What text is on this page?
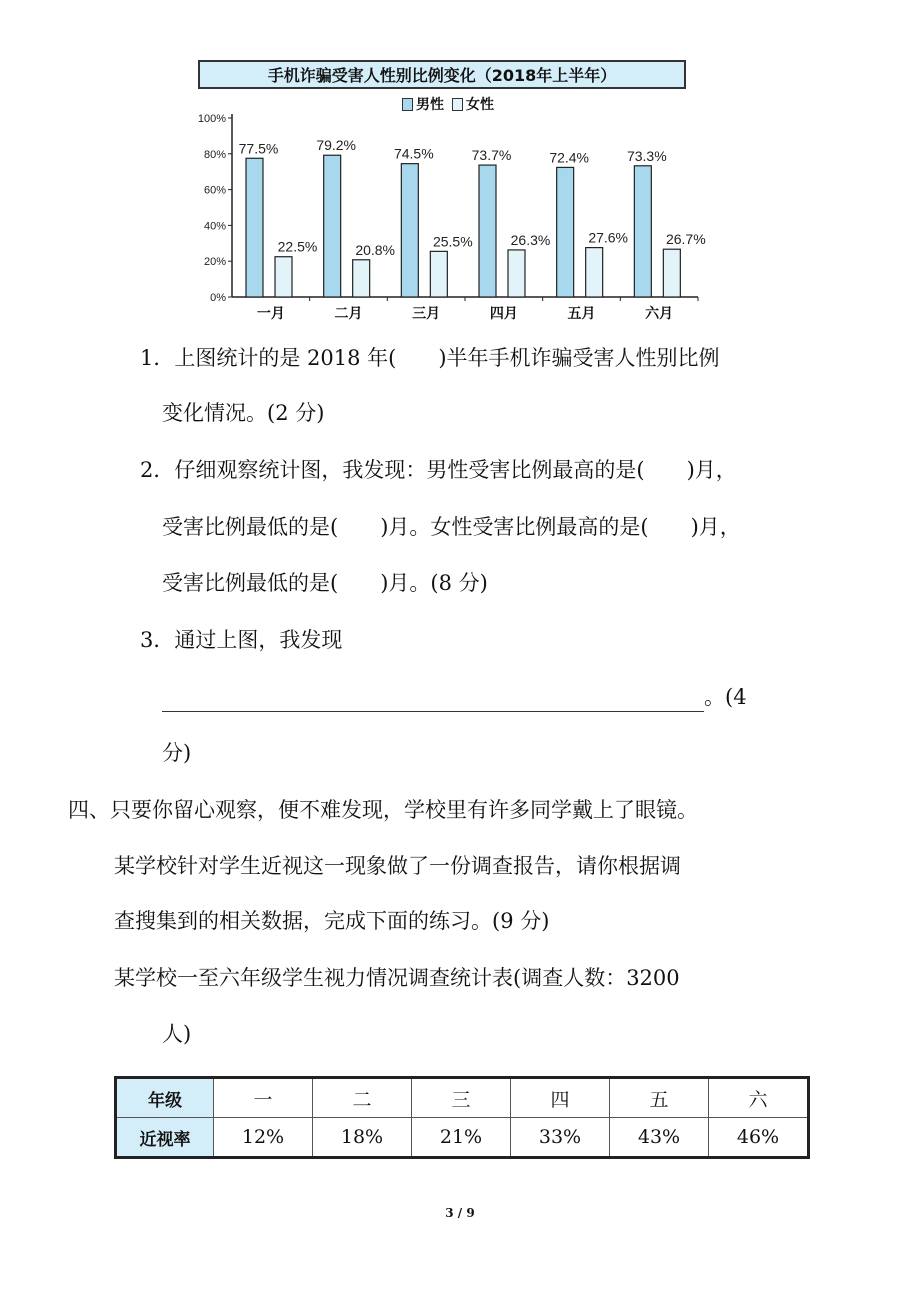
0%
20%
40%
60%
80%
100%
77.5%
22.5%
一月
79.2%
20.8%
二月
74.5%
25.5%
三月
73.7%
26.3%
四月
72.4%
27.6%
五月
73.3%
26.7%
六月
手机诈骗受害人性别比例变化（2018年上半年）
男性 女性
1．上图统计的是 2018 年( )半年手机诈骗受害人性别比例
变化情况。(2 分)
2．仔细观察统计图，我发现：男性受害比例最高的是( )月，
受害比例最低的是( )月。女性受害比例最高的是( )月，
受害比例最低的是( )月。(8 分)
3．通过上图，我发现
。(4
分)
四、只要你留心观察，便不难发现，学校里有许多同学戴上了眼镜。
某学校针对学生近视这一现象做了一份调查报告，请你根据调
查搜集到的相关数据，完成下面的练习。(9 分)
某学校一至六年级学生视力情况调查统计表(调查人数：3200
人)
年级	一	二	三	四	五	六
近视率	12%	18%	21%	33%	43%	46%
3 / 9
